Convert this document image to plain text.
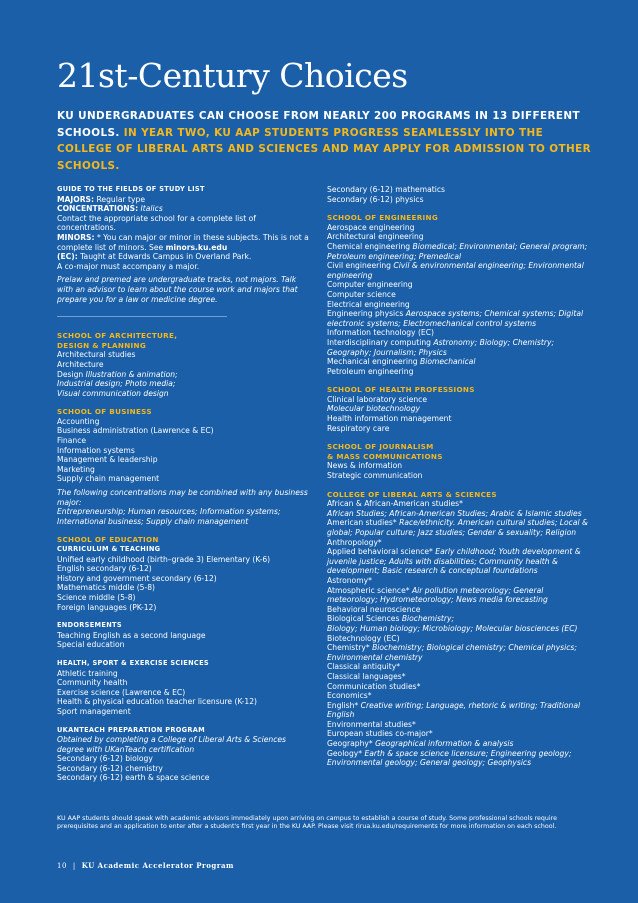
21st-Century Choices
KU UNDERGRADUATES CAN CHOOSE FROM NEARLY 200 PROGRAMS IN 13 DIFFERENT SCHOOLS. IN YEAR TWO, KU AAP STUDENTS PROGRESS SEAMLESSLY INTO THE COLLEGE OF LIBERAL ARTS AND SCIENCES AND MAY APPLY FOR ADMISSION TO OTHER SCHOOLS.
GUIDE TO THE FIELDS OF STUDY LIST
MAJORS: Regular type
CONCENTRATIONS: Italics
Contact the appropriate school for a complete list of concentrations.
MINORS: * You can major or minor in these subjects. This is not a complete list of minors. See minors.ku.edu
(EC): Taught at Edwards Campus in Overland Park.
A co-major must accompany a major.
Prelaw and premed are undergraduate tracks, not majors. Talk with an advisor to learn about the course work and majors that prepare you for a law or medicine degree.
SCHOOL OF ARCHITECTURE,
DESIGN & PLANNING
Architectural studies
Architecture
Design Illustration & animation;
Industrial design; Photo media;
Visual communication design
SCHOOL OF BUSINESS
Accounting
Business administration (Lawrence & EC)
Finance
Information systems
Management & leadership
Marketing
Supply chain management
The following concentrations may be combined with any business major:
Entrepreneurship; Human resources; Information systems; International business; Supply chain management
SCHOOL OF EDUCATION
CURRICULUM & TEACHING
Unified early childhood (birth–grade 3) Elementary (K-6)
English secondary (6-12)
History and government secondary (6-12)
Mathematics middle (5-8)
Science middle (5-8)
Foreign languages (PK-12)
ENDORSEMENTS
Teaching English as a second language
Special education
HEALTH, SPORT & EXERCISE SCIENCES
Athletic training
Community health
Exercise science (Lawrence & EC)
Health & physical education teacher licensure (K-12)
Sport management
UKANTEACH PREPARATION PROGRAM
Obtained by completing a College of Liberal Arts & Sciences degree with UKanTeach certification
Secondary (6-12) biology
Secondary (6-12) chemistry
Secondary (6-12) earth & space science
Secondary (6-12) mathematics
Secondary (6-12) physics
SCHOOL OF ENGINEERING
Aerospace engineering
Architectural engineering
Chemical engineering Biomedical; Environmental; General program; Petroleum engineering; Premedical
Civil engineering Civil & environmental engineering; Environmental engineering
Computer engineering
Computer science
Electrical engineering
Engineering physics Aerospace systems; Chemical systems; Digital electronic systems; Electromechanical control systems
Information technology (EC)
Interdisciplinary computing Astronomy; Biology; Chemistry; Geography; Journalism; Physics
Mechanical engineering Biomechanical
Petroleum engineering
SCHOOL OF HEALTH PROFESSIONS
Clinical laboratory science
Molecular biotechnology
Health information management
Respiratory care
SCHOOL OF JOURNALISM
& MASS COMMUNICATIONS
News & information
Strategic communication
COLLEGE OF LIBERAL ARTS & SCIENCES
African & African-American studies*
African Studies; African-American Studies; Arabic & Islamic studies
American studies* Race/ethnicity. American cultural studies; Local & global; Popular culture; Jazz studies; Gender & sexuality; Religion
Anthropology*
Applied behavioral science* Early childhood; Youth development & juvenile justice; Adults with disabilities; Community health & development; Basic research & conceptual foundations
Astronomy*
Atmospheric science* Air pollution meteorology; General meteorology; Hydrometeorology; News media forecasting
Behavioral neuroscience
Biological Sciences Biochemistry;
Biology; Human biology; Microbiology; Molecular biosciences (EC)
Biotechnology (EC)
Chemistry* Biochemistry; Biological chemistry; Chemical physics; Environmental chemistry
Classical antiquity*
Classical languages*
Communication studies*
Economics*
English* Creative writing; Language, rhetoric & writing; Traditional English
Environmental studies*
European studies co-major*
Geography* Geographical information & analysis
Geology* Earth & space science licensure; Engineering geology; Environmental geology; General geology; Geophysics
KU AAP students should speak with academic advisors immediately upon arriving on campus to establish a course of study. Some professional schools require prerequisites and an application to enter after a student's first year in the KU AAP. Please visit rirua.ku.edu/requirements for more information on each school.
10 | KU Academic Accelerator Program
